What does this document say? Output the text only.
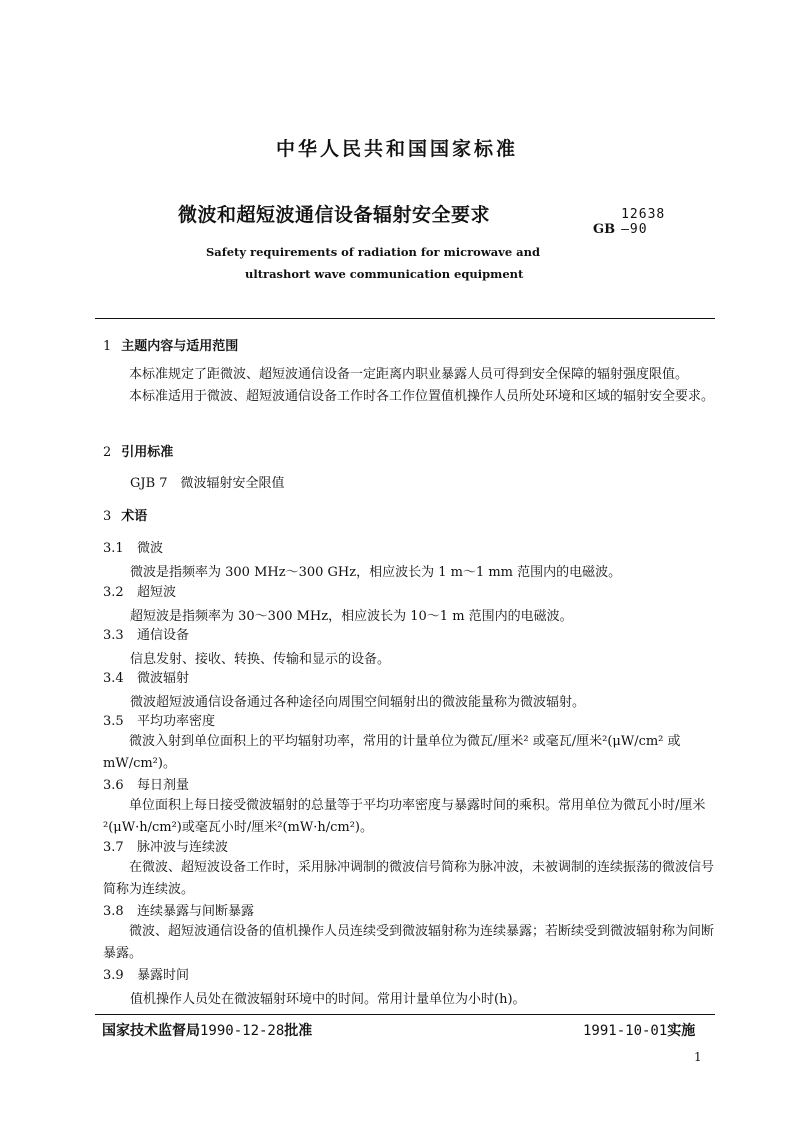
中华人民共和国国家标准
微波和超短波通信设备辐射安全要求
GB12638—90
Safety requirements of radiation for microwave and
ultrashort wave communication equipment
1 主题内容与适用范围
本标准规定了距微波、超短波通信设备一定距离内职业暴露人员可得到安全保障的辐射强度限值。
本标准适用于微波、超短波通信设备工作时各工作位置值机操作人员所处环境和区域的辐射安全要求。
2 引用标准
GJB 7　微波辐射安全限值
3 术语
3.1 微波
微波是指频率为 300 MHz～300 GHz，相应波长为 1 m～1 mm 范围内的电磁波。
3.2 超短波
超短波是指频率为 30～300 MHz，相应波长为 10～1 m 范围内的电磁波。
3.3 通信设备
信息发射、接收、转换、传输和显示的设备。
3.4 微波辐射
微波超短波通信设备通过各种途径向周围空间辐射出的微波能量称为微波辐射。
3.5 平均功率密度
微波入射到单位面积上的平均辐射功率，常用的计量单位为微瓦/厘米² 或毫瓦/厘米²(μW/cm² 或 mW/cm²)。
3.6 每日剂量
单位面积上每日接受微波辐射的总量等于平均功率密度与暴露时间的乘积。常用单位为微瓦小时/厘米²(μW·h/cm²)或毫瓦小时/厘米²(mW·h/cm²)。
3.7 脉冲波与连续波
在微波、超短波设备工作时，采用脉冲调制的微波信号简称为脉冲波，未被调制的连续振荡的微波信号简称为连续波。
3.8 连续暴露与间断暴露
微波、超短波通信设备的值机操作人员连续受到微波辐射称为连续暴露；若断续受到微波辐射称为间断暴露。
3.9 暴露时间
值机操作人员处在微波辐射环境中的时间。常用计量单位为小时(h)。
国家技术监督局1990-12-28批准	1991-10-01实施
1
